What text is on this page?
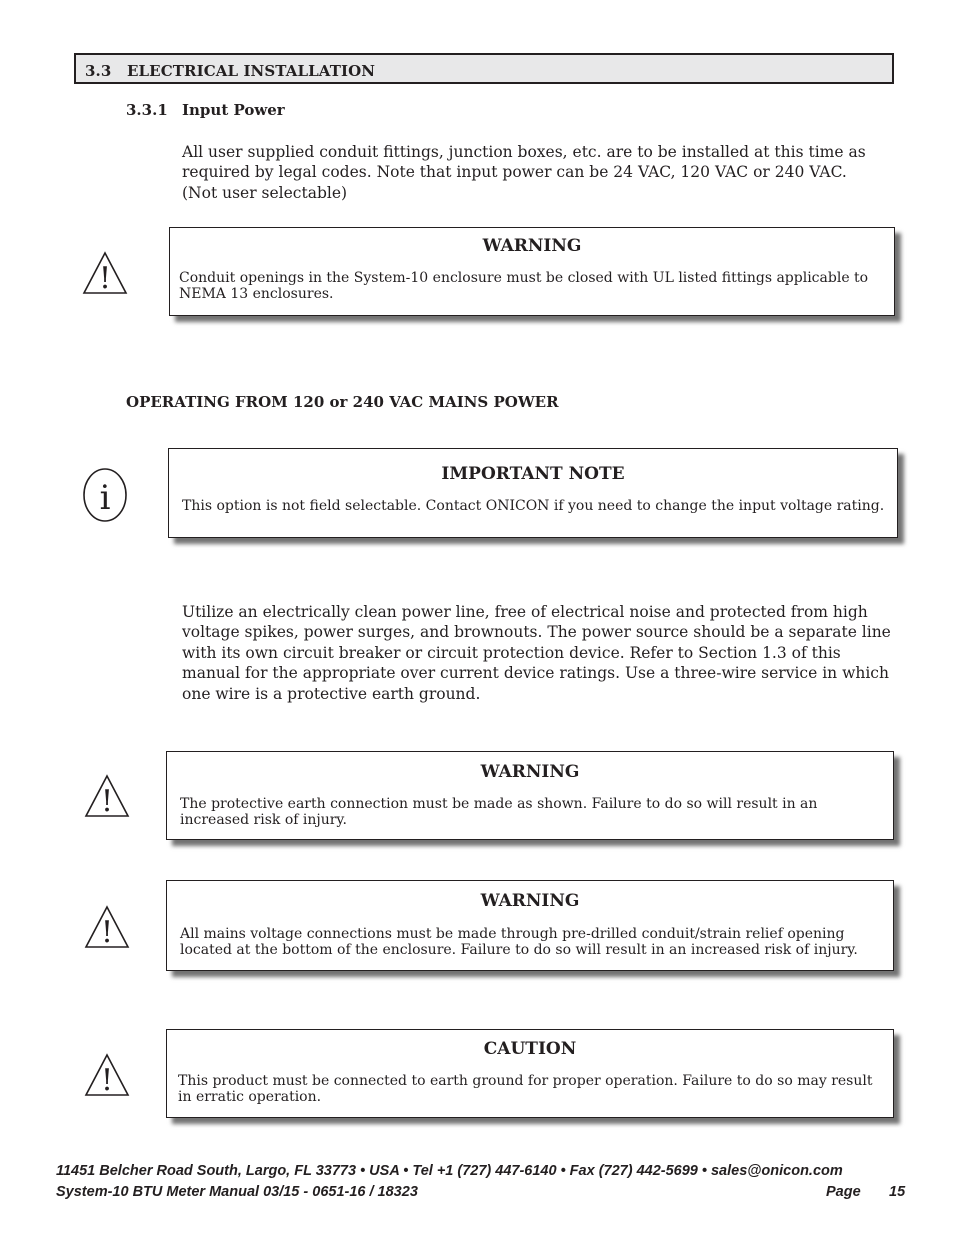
3.3 ELECTRICAL INSTALLATION
3.3.1 Input Power

All user supplied conduit fittings, junction boxes, etc. are to be installed at this time as

required by legal codes. Note that input power can be 24 VAC, 120 VAC or 240 VAC.

(Not user selectable)

!
WARNING
Conduit openings in the System-10 enclosure must be closed with UL listed fittings applicable to
NEMA 13 enclosures.
OPERATING FROM 120 or 240 VAC MAINS POWER
i
IMPORTANT NOTE
This option is not field selectable. Contact ONICON if you need to change the input voltage rating.

Utilize an electrically clean power line, free of electrical noise and protected from high

voltage spikes, power surges, and brownouts. The power source should be a separate line

with its own circuit breaker or circuit protection device. Refer to Section 1.3 of this

manual for the appropriate over current device ratings. Use a three-wire service in which

one wire is a protective earth ground.

!
WARNING
The protective earth connection must be made as shown. Failure to do so will result in an
increased risk of injury.
!
WARNING
All mains voltage connections must be made through pre-drilled conduit/strain relief opening
located at the bottom of the enclosure. Failure to do so will result in an increased risk of injury.
!
CAUTION
This product must be connected to earth ground for proper operation. Failure to do so may result
in erratic operation.
11451 Belcher Road South, Largo, FL 33773 • USA • Tel +1 (727) 447-6140 • Fax (727) 442-5699 • sales@onicon.com
System-10 BTU Meter Manual 03/15 - 0651-16 / 18323	Page 15
